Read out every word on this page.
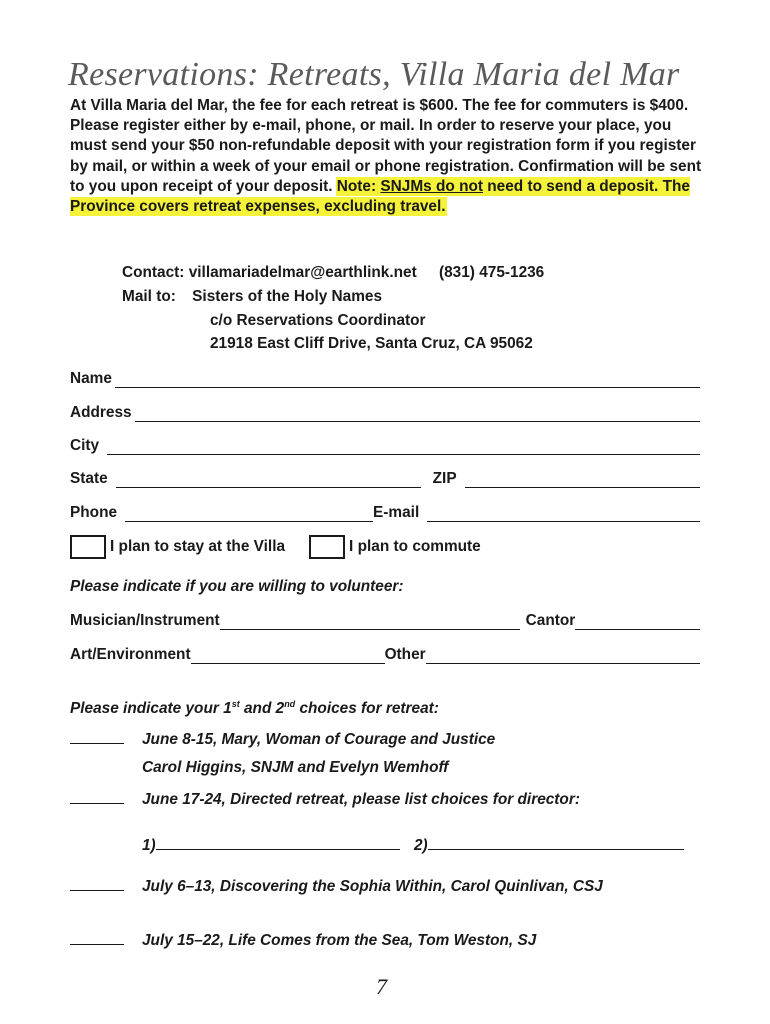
Reservations: Retreats, Villa Maria del Mar
At Villa Maria del Mar, the fee for each retreat is $600. The fee for commuters is $400. Please register either by e-mail, phone, or mail. In order to reserve your place, you must send your $50 non-refundable deposit with your registration form if you register by mail, or within a week of your email or phone registration. Confirmation will be sent to you upon receipt of your deposit. Note: SNJMs do not need to send a deposit. The Province covers retreat expenses, excluding travel.
Contact: villamariadelmar@earthlink.net (831) 475-1236
Mail to: Sisters of the Holy Names
c/o Reservations Coordinator
21918 East Cliff Drive, Santa Cruz, CA 95062
Name
Address
City
State	ZIP
Phone	E-mail
I plan to stay at the Villa	I plan to commute
Please indicate if you are willing to volunteer:
Musician/Instrument	Cantor
Art/Environment	Other
Please indicate your 1st and 2nd choices for retreat:
June 8-15, Mary, Woman of Courage and Justice
Carol Higgins, SNJM and Evelyn Wemhoff
June 17-24, Directed retreat, please list choices for director:
1)	2)
July 6–13, Discovering the Sophia Within, Carol Quinlivan, CSJ
July 15–22, Life Comes from the Sea, Tom Weston, SJ
7
